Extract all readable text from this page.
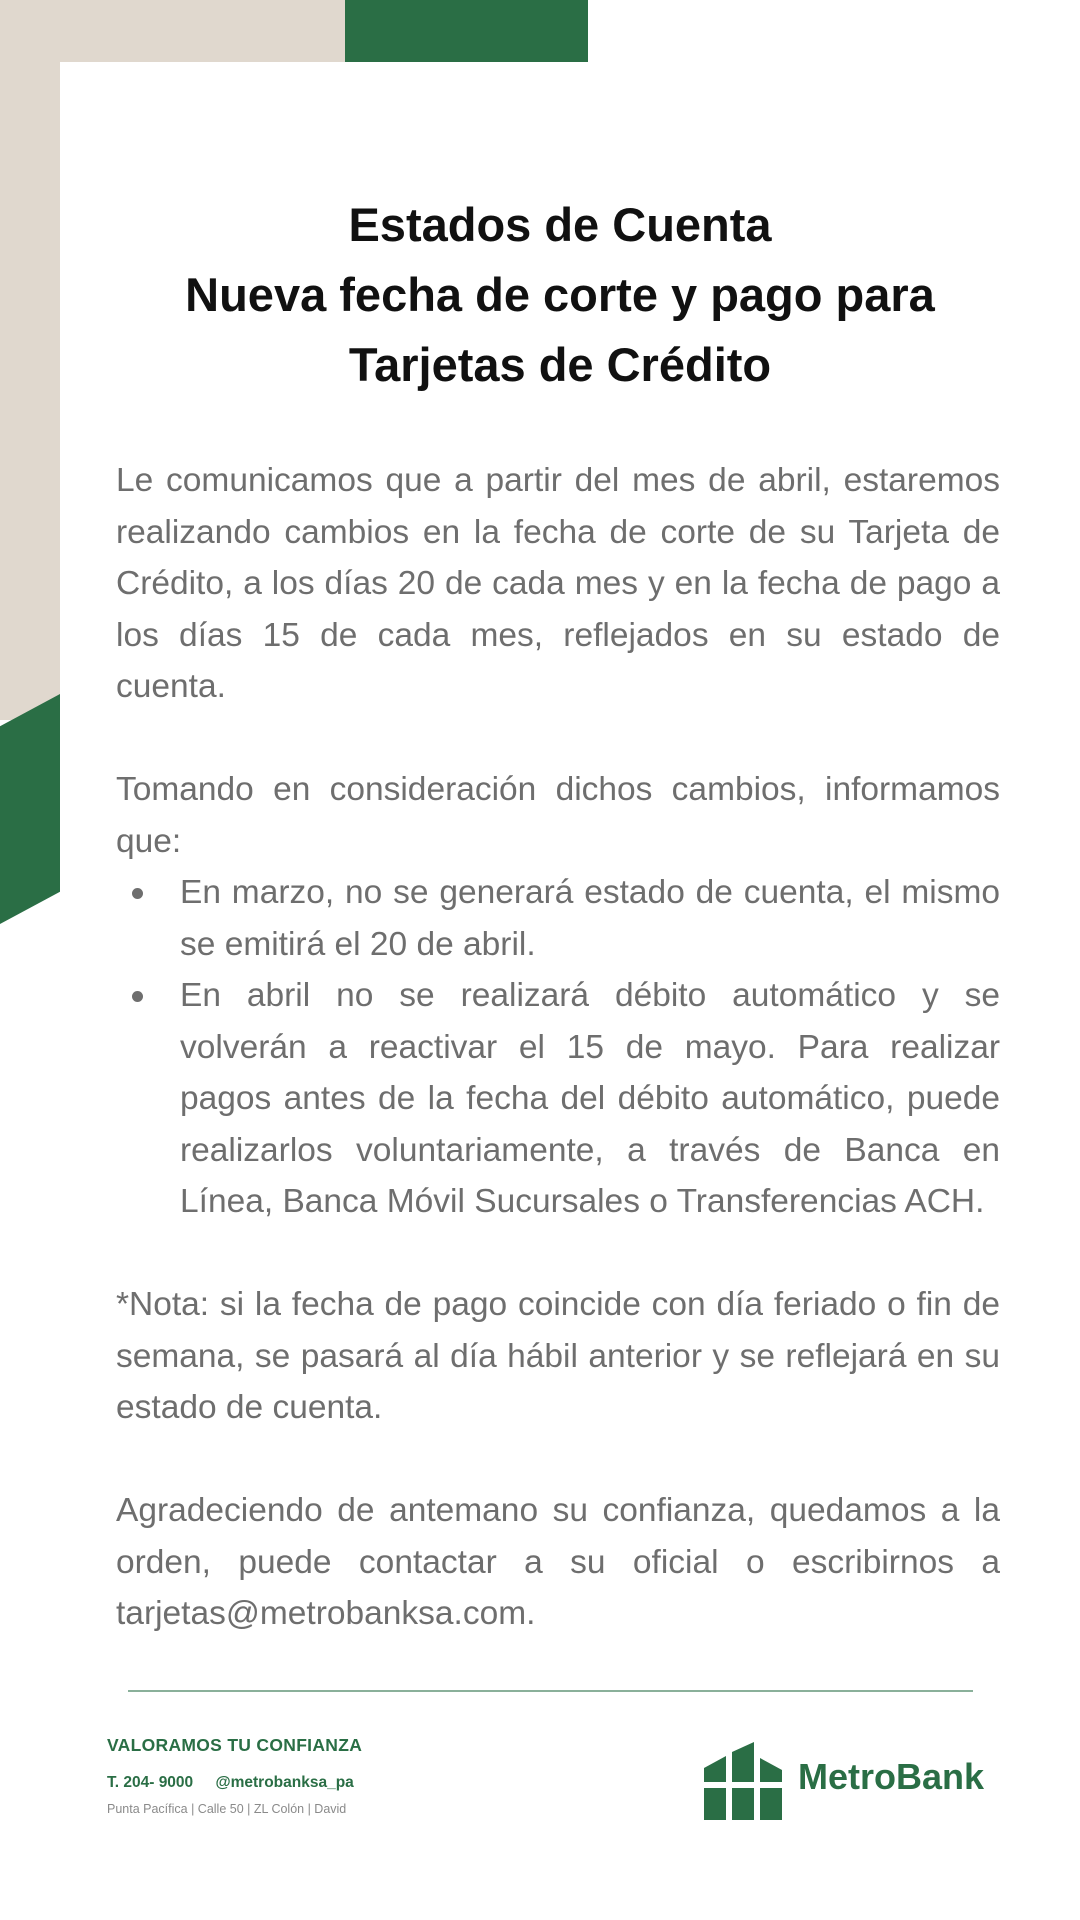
Estados de Cuenta
Nueva fecha de corte y pago para
Tarjetas de Crédito

Le comunicamos que a partir del mes de abril, estaremos realizando cambios en la fecha de corte de su Tarjeta de Crédito, a los días 20 de cada mes y en la fecha de pago a los días 15 de cada mes, reflejados en su estado de cuenta.

Tomando en consideración dichos cambios, informamos que:

En marzo, no se generará estado de cuenta, el mismo se emitirá el 20 de abril.
En abril no se realizará débito automático y se volverán a reactivar el 15 de mayo. Para realizar pagos antes de la fecha del débito automático, puede realizarlos voluntariamente, a través de Banca en Línea, Banca Móvil Sucursales o Transferencias ACH.

*Nota: si la fecha de pago coincide con día feriado o fin de semana, se pasará al día hábil anterior y se reflejará en su estado de cuenta.

Agradeciendo de antemano su confianza, quedamos a la orden, puede contactar a su oficial o escribirnos a tarjetas@metrobanksa.com.

VALORAMOS TU CONFIANZA
T. 204- 9000 @metrobanksa_pa
Punta Pacífica | Calle 50 | ZL Colón | David
MetroBank
